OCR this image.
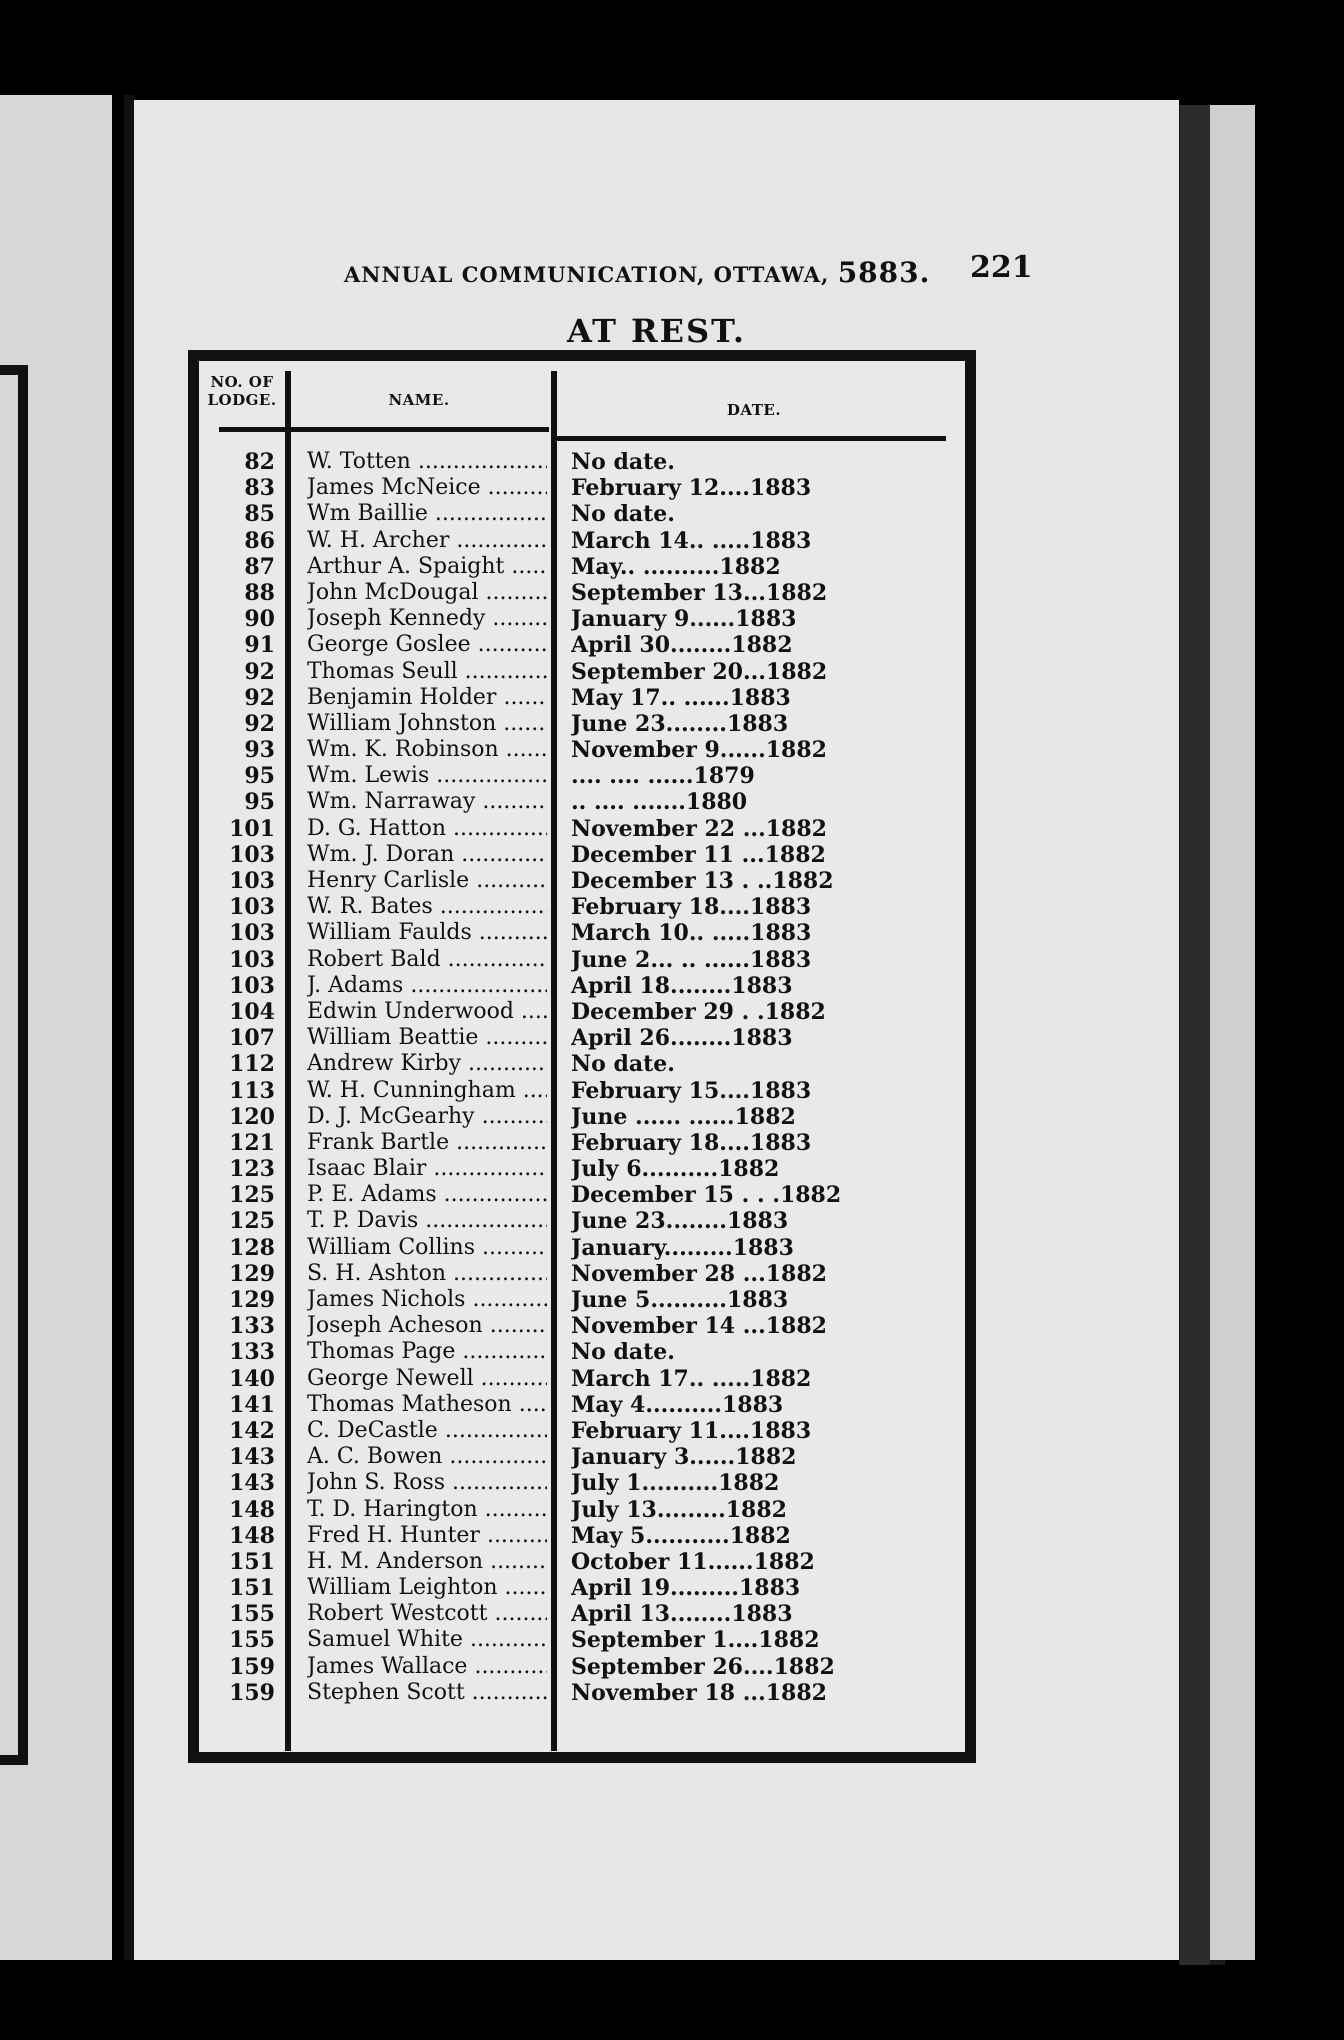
ANNUAL COMMUNICATION, OTTAWA, 5883.	221
AT REST.
NO. OF LODGE.	NAME.
DATE.
82 W. Totten .....	No date.
83 James McNeice .....	February 12....1883
85 Wm Baillie .....	No date.
86 W. H. Archer .....	March 14.. .....1883
87 Arthur A. Spaight .....	May.. ..........1882
88 John McDougal .....	September 13...1882
90 Joseph Kennedy .....	January 9......1883
91 George Goslee .....	April 30........1882
92 Thomas Seull .....	September 20...1882
92 Benjamin Holder .....	May 17.. ......1883
92 William Johnston .....	June 23........1883
93 Wm. K. Robinson .....	November 9......1882
95 Wm. Lewis .....	.... .... ......1879
95 Wm. Narraway .....	.. .... .......1880
101 D. G. Hatton .....	November 22 ...1882
103 Wm. J. Doran .....	December 11 ...1882
103 Henry Carlisle .....	December 13 . ..1882
103 W. R. Bates .....	February 18....1883
103 William Faulds .....	March 10.. .....1883
103 Robert Bald .....	June 2... .. ......1883
103 J. Adams .....	April 18........1883
104 Edwin Underwood .....	December 29 . .1882
107 William Beattie .....	April 26........1883
112 Andrew Kirby .....	No date.
113 W. H. Cunningham .....	February 15....1883
120 D. J. McGearhy .....	June ...... ......1882
121 Frank Bartle .....	February 18....1883
123 Isaac Blair .....	July 6..........1882
125 P. E. Adams .....	December 15 . . .1882
125 T. P. Davis .....	June 23........1883
128 William Collins .....	January.........1883
129 S. H. Ashton .....	November 28 ...1882
129 James Nichols .....	June 5..........1883
133 Joseph Acheson .....	November 14 ...1882
133 Thomas Page .....	No date.
140 George Newell .....	March 17.. .....1882
141 Thomas Matheson .....	May 4..........1883
142 C. DeCastle .....	February 11....1883
143 A. C. Bowen .....	January 3......1882
143 John S. Ross .....	July 1..........1882
148 T. D. Harington .....	July 13.........1882
148 Fred H. Hunter .....	May 5...........1882
151 H. M. Anderson .....	October 11......1882
151 William Leighton .....	April 19.........1883
155 Robert Westcott .....	April 13........1883
155 Samuel White .....	September 1....1882
159 James Wallace .....	September 26....1882
159 Stephen Scott .....	November 18 ...1882
